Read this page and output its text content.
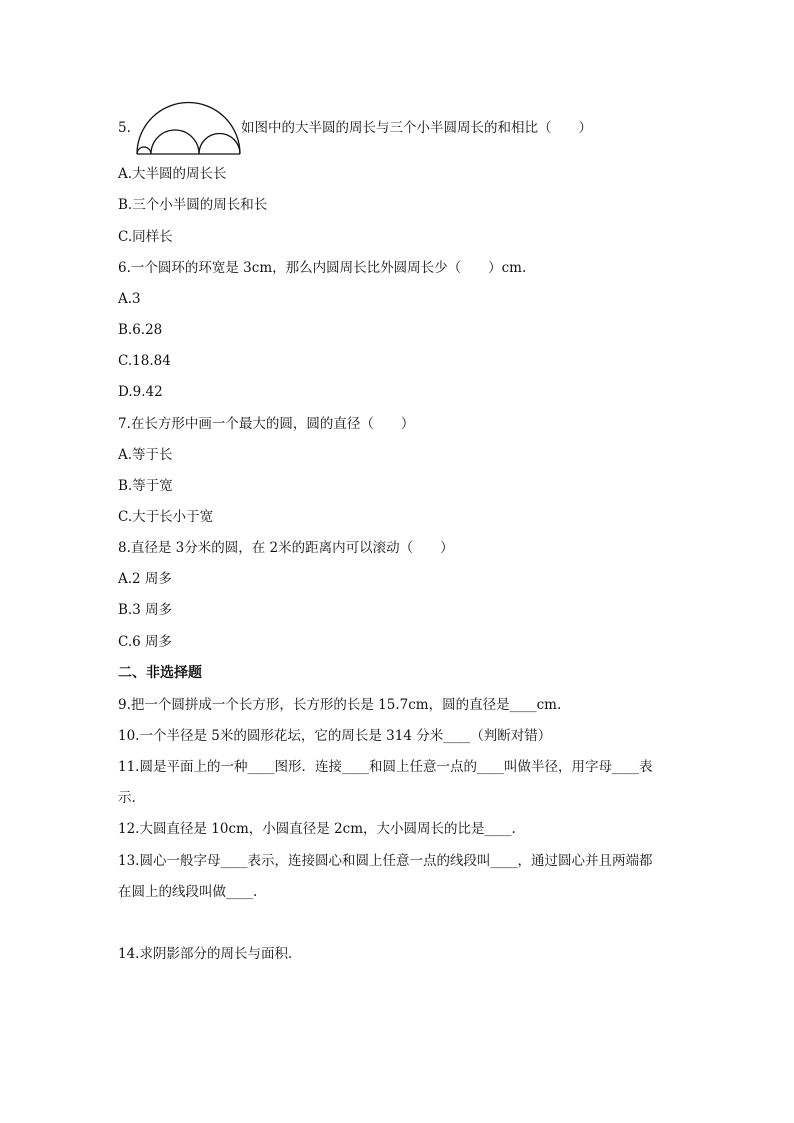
5.	如图中的大半圆的周长与三个小半圆周长的和相比（　　）
A.大半圆的周长长
B.三个小半圆的周长和长
C.同样长
6.一个圆环的环宽是 3cm，那么内圆周长比外圆周长少（　　）cm.
A.3
B.6.28
C.18.84
D.9.42
7.在长方形中画一个最大的圆，圆的直径（　　）
A.等于长
B.等于宽
C.大于长小于宽
8.直径是 3分米的圆，在 2米的距离内可以滚动（　　）
A.2 周多
B.3 周多
C.6 周多
二、非选择题
9.把一个圆拼成一个长方形，长方形的长是 15.7cm，圆的直径是____cm.
10.一个半径是 5米的圆形花坛，它的周长是 314 分米____（判断对错）
11.圆是平面上的一种____图形．连接____和圆上任意一点的____叫做半径，用字母____表
示.
12.大圆直径是 10cm，小圆直径是 2cm，大小圆周长的比是____.
13.圆心一般字母____表示，连接圆心和圆上任意一点的线段叫____，通过圆心并且两端都
在圆上的线段叫做____.
14.求阴影部分的周长与面积．
